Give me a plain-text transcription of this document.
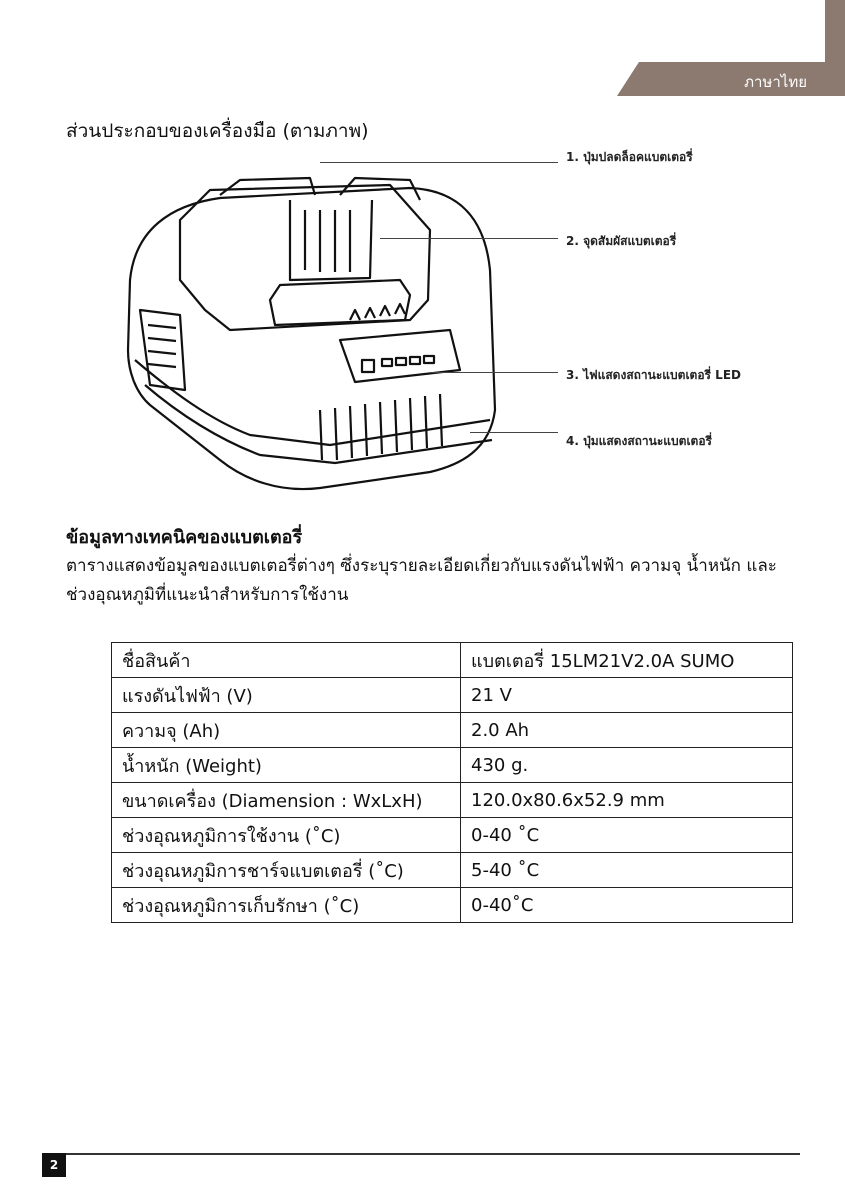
ภาษาไทย
ส่วนประกอบของเครื่องมือ (ตามภาพ)
1. ปุ่มปลดล็อคแบตเตอรี่
2. จุดสัมผัสแบตเตอรี่
3. ไฟแสดงสถานะแบตเตอรี่ LED
4. ปุ่มแสดงสถานะแบตเตอรี่
ข้อมูลทางเทคนิคของแบตเตอรี่
ตารางแสดงข้อมูลของแบตเตอรี่ต่างๆ ซึ่งระบุรายละเอียดเกี่ยวกับแรงดันไฟฟ้า ความจุ น้ำหนัก และช่วงอุณหภูมิที่แนะนำสำหรับการใช้งาน
ชื่อสินค้า	แบตเตอรี่ 15LM21V2.0A SUMO
แรงดันไฟฟ้า (V)	21 V
ความจุ (Ah)	2.0 Ah
น้ำหนัก (Weight)	430 g.
ขนาดเครื่อง (Diamension : WxLxH)	120.0x80.6x52.9 mm
ช่วงอุณหภูมิการใช้งาน (˚C)	0-40 ˚C
ช่วงอุณหภูมิการชาร์จแบตเตอรี่ (˚C)	5-40 ˚C
ช่วงอุณหภูมิการเก็บรักษา (˚C)	0-40˚C
2
